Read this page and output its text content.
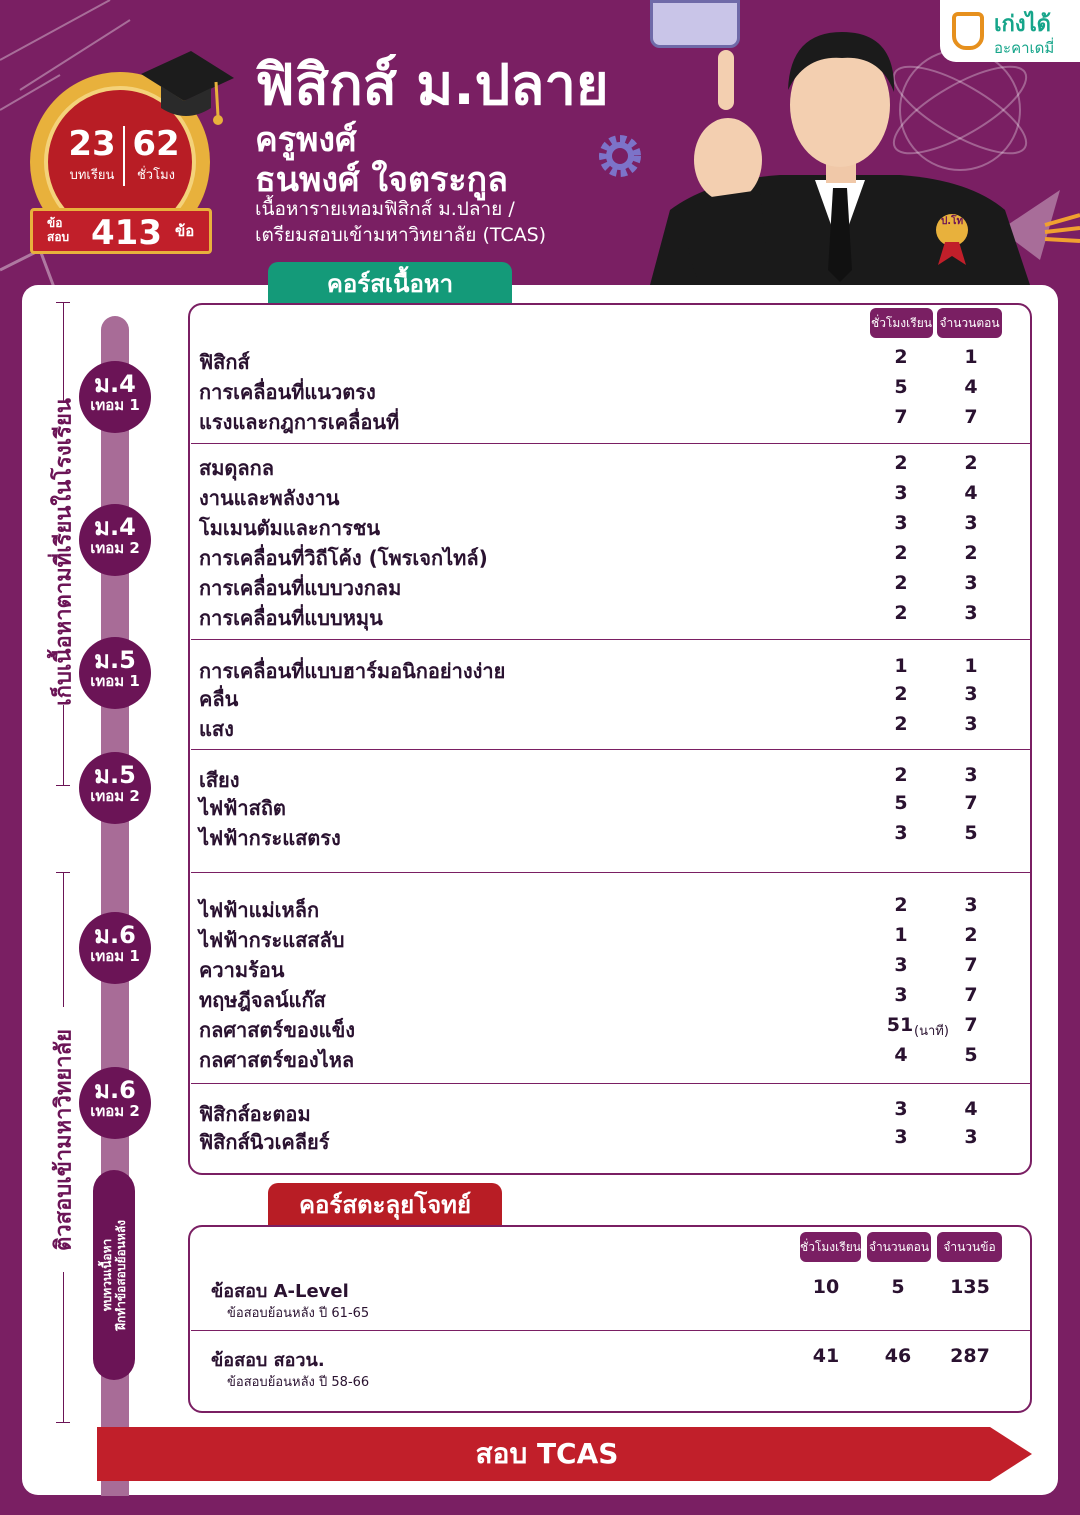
23
บทเรียน
62
ชั่วโมง
ข้อ
สอบ 413 ข้อ
ฟิสิกส์ ม.ปลาย
ครูพงศ์
ธนพงศ์ ใจตระกูล
เนื้อหารายเทอมฟิสิกส์ ม.ปลาย /
เตรียมสอบเข้ามหาวิทยาลัย (TCAS)
ป.โท
เก่งได้
อะคาเดมี่
คอร์สเนื้อหา
คอร์สตะลุยโจทย์
ชั่วโมงเรียน จำนวนตอน
ฟิสิกส์	2	1
การเคลื่อนที่แนวตรง	5	4
แรงและกฎการเคลื่อนที่	7	7
สมดุลกล	2	2
งานและพลังงาน	3	4
โมเมนตัมและการชน	3	3
การเคลื่อนที่วิถีโค้ง (โพรเจกไทล์)	2	2
การเคลื่อนที่แบบวงกลม	2	3
การเคลื่อนที่แบบหมุน	2	3
การเคลื่อนที่แบบฮาร์มอนิกอย่างง่าย	1	1
คลื่น	2	3
แสง	2	3
เสียง	2	3
ไฟฟ้าสถิต	5	7
ไฟฟ้ากระแสตรง	3	5
ไฟฟ้าแม่เหล็ก	2	3
ไฟฟ้ากระแสสลับ	1	2
ความร้อน	3	7
ทฤษฎีจลน์แก๊ส	3	7
กลศาสตร์ของแข็ง	51 (นาที) 7
กลศาสตร์ของไหล	4	5
ฟิสิกส์อะตอม	3	4
ฟิสิกส์นิวเคลียร์	3	3
ชั่วโมงเรียน จำนวนตอน	จำนวนข้อ
ข้อสอบ A-Level
ข้อสอบย้อนหลัง ปี 61-65
10	5	135
ข้อสอบ สอวน.
ข้อสอบย้อนหลัง ปี 58-66
41	46	287
ม.4
เทอม 1
ม.4
เทอม 2
ม.5
เทอม 1
ม.5
เทอม 2
ม.6
เทอม 1
ม.6
เทอม 2
ทบทวนเนื้อหา ฝึกทำข้อสอบย้อนหลัง
เก็บเนื้อหาตามที่เรียนในโรงเรียน
ติวสอบเข้ามหาวิทยาลัย
สอบ TCAS
